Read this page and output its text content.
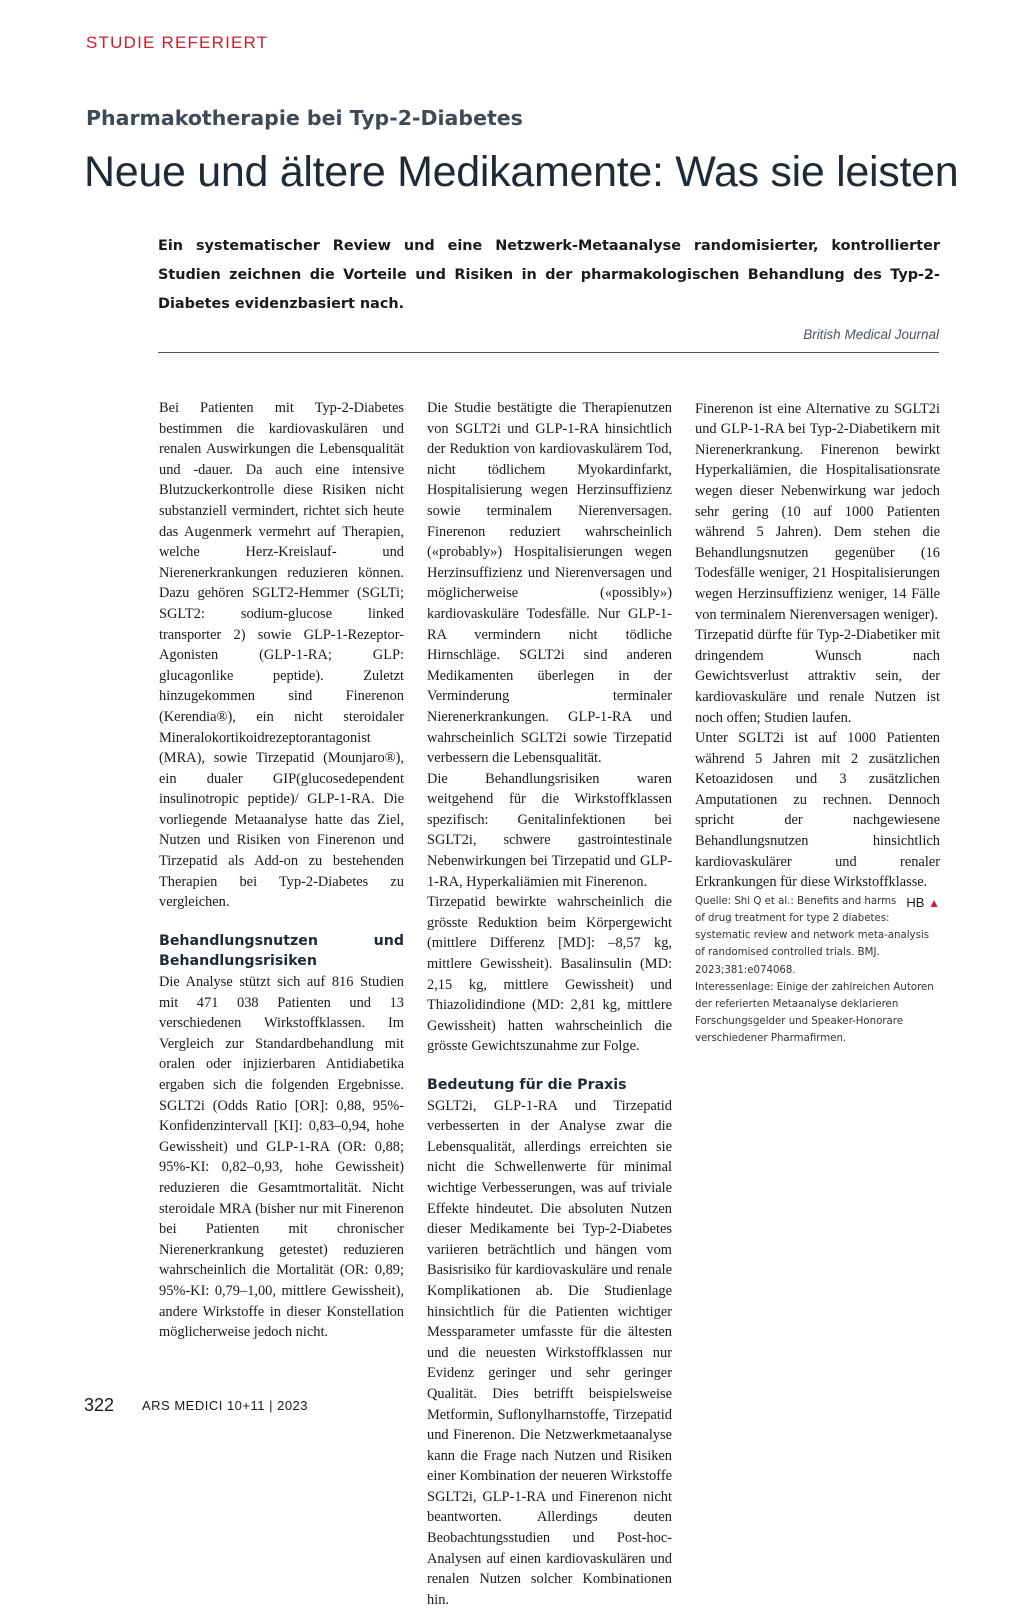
STUDIE REFERIERT
Pharmakotherapie bei Typ-2-Diabetes
Neue und ältere Medikamente: Was sie leisten

Ein systematischer Review und eine Netzwerk-Metaanalyse randomisierter, kontrollierter Studien zeichnen die Vorteile und Risiken in der pharmakologischen Behandlung des Typ-2-Diabetes evidenzbasiert nach.

British Medical Journal

Bei Patienten mit Typ-2-Diabetes bestimmen die kardiovaskulären und renalen Auswirkungen die Lebensqualität und -dauer. Da auch eine intensive Blutzuckerkontrolle diese Risiken nicht substanziell vermindert, richtet sich heute das Augenmerk vermehrt auf Therapien, welche Herz-Kreislauf- und Nierenerkrankungen reduzieren können. Dazu gehören SGLT2-Hemmer (SGLTi; SGLT2: sodium-glucose linked transporter 2) sowie GLP-1-Rezeptor-Agonisten (GLP-1-RA; GLP: glucagonlike peptide). Zuletzt hinzugekommen sind Finerenon (Kerendia®), ein nicht steroidaler Mineralokortikoidrezeptorantagonist (MRA), sowie Tirzepatid (Mounjaro®), ein dualer GIP(glucosedependent insulinotropic peptide)/ GLP-1-RA. Die vorliegende Metaanalyse hatte das Ziel, Nutzen und Risiken von Finerenon und Tirzepatid als Add-on zu bestehenden Therapien bei Typ-2-Diabetes zu vergleichen.

Behandlungsnutzen und Behandlungsrisiken

Die Analyse stützt sich auf 816 Studien mit 471 038 Patienten und 13 verschiedenen Wirkstoffklassen. Im Vergleich zur Standardbehandlung mit oralen oder injizierbaren Antidiabetika ergaben sich die folgenden Ergebnisse. SGLT2i (Odds Ratio [OR]: 0,88, 95%-Konfidenzintervall [KI]: 0,83–0,94, hohe Gewissheit) und GLP-1-RA (OR: 0,88; 95%-KI: 0,82–0,93, hohe Gewissheit) reduzieren die Gesamtmortalität. Nicht steroidale MRA (bisher nur mit Finerenon bei Patienten mit chronischer Nierenerkrankung getestet) reduzieren wahrscheinlich die Mortalität (OR: 0,89; 95%-KI: 0,79–1,00, mittlere Gewissheit), andere Wirkstoffe in dieser Konstellation möglicherweise jedoch nicht.

Die Studie bestätigte die Therapienutzen von SGLT2i und GLP-1-RA hinsichtlich der Reduktion von kardiovaskulärem Tod, nicht tödlichem Myokardinfarkt, Hospitalisierung wegen Herzinsuffizienz sowie terminalem Nierenversagen. Finerenon reduziert wahrscheinlich («probably») Hospitalisierungen wegen Herzinsuffizienz und Nierenversagen und möglicherweise («possibly») kardiovaskuläre Todesfälle. Nur GLP-1-RA vermindern nicht tödliche Hirnschläge. SGLT2i sind anderen Medikamenten überlegen in der Verminderung terminaler Nierenerkrankungen. GLP-1-RA und wahrscheinlich SGLT2i sowie Tirzepatid verbessern die Lebensqualität.

Die Behandlungsrisiken waren weitgehend für die Wirkstoffklassen spezifisch: Genitalinfektionen bei SGLT2i, schwere gastrointestinale Nebenwirkungen bei Tirzepatid und GLP-1-RA, Hyperkaliämien mit Finerenon.

Tirzepatid bewirkte wahrscheinlich die grösste Reduktion beim Körpergewicht (mittlere Differenz [MD]: –8,57 kg, mittlere Gewissheit). Basalinsulin (MD: 2,15 kg, mittlere Gewissheit) und Thiazolidindione (MD: 2,81 kg, mittlere Gewissheit) hatten wahrscheinlich die grösste Gewichtszunahme zur Folge.

Bedeutung für die Praxis

SGLT2i, GLP-1-RA und Tirzepatid verbesserten in der Analyse zwar die Lebensqualität, allerdings erreichten sie nicht die Schwellenwerte für minimal wichtige Verbesserungen, was auf triviale Effekte hindeutet. Die absoluten Nutzen dieser Medikamente bei Typ-2-Diabetes variieren beträchtlich und hängen vom Basisrisiko für kardiovaskuläre und renale Komplikationen ab. Die Studienlage hinsichtlich für die Patienten wichtiger Messparameter umfasste für die ältesten und die neuesten Wirkstoffklassen nur Evidenz geringer und sehr geringer Qualität. Dies betrifft beispielsweise Metformin, Suflonylharnstoffe, Tirzepatid und Finerenon. Die Netzwerkmetaanalyse kann die Frage nach Nutzen und Risiken einer Kombination der neueren Wirkstoffe SGLT2i, GLP-1-RA und Finerenon nicht beantworten. Allerdings deuten Beobachtungsstudien und Post-hoc-Analysen auf einen kardiovaskulären und renalen Nutzen solcher Kombinationen hin.

Finerenon ist eine Alternative zu SGLT2i und GLP-1-RA bei Typ-2-Diabetikern mit Nierenerkrankung. Finerenon bewirkt Hyperkaliämien, die Hospitalisationsrate wegen dieser Nebenwirkung war jedoch sehr gering (10 auf 1000 Patienten während 5 Jahren). Dem stehen die Behandlungsnutzen gegenüber (16 Todesfälle weniger, 21 Hospitalisierungen wegen Herzinsuffizienz weniger, 14 Fälle von terminalem Nierenversagen weniger).

Tirzepatid dürfte für Typ-2-Diabetiker mit dringendem Wunsch nach Gewichtsverlust attraktiv sein, der kardiovaskuläre und renale Nutzen ist noch offen; Studien laufen.

Unter SGLT2i ist auf 1000 Patienten während 5 Jahren mit 2 zusätzlichen Ketoazidosen und 3 zusätzlichen Amputationen zu rechnen. Dennoch spricht der nachgewiesene Behandlungsnutzen hinsichtlich kardiovaskulärer und renaler Erkrankungen für diese Wirkstoffklasse.
HB ▲

Quelle: Shi Q et al.: Benefits and harms of drug treatment for type 2 diabetes: systematic review and network meta-analysis of randomised controlled trials. BMJ. 2023;381:e074068.

Interessenlage: Einige der zahlreichen Autoren der referierten Metaanalyse deklarieren Forschungsgelder und Speaker-Honorare verschiedener Pharmafirmen.

322 ARS MEDICI 10+11 | 2023
